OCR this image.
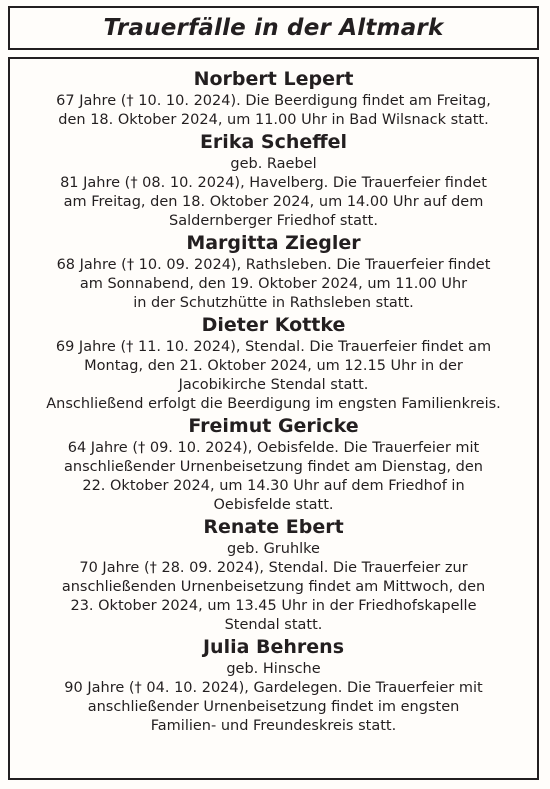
Trauerfälle in der Altmark
Norbert Lepert
67 Jahre († 10. 10. 2024). Die Beerdigung findet am Freitag,
den 18. Oktober 2024, um 11.00 Uhr in Bad Wilsnack statt.
Erika Scheffel
geb. Raebel
81 Jahre († 08. 10. 2024), Havelberg. Die Trauerfeier findet
am Freitag, den 18. Oktober 2024, um 14.00 Uhr auf dem
Saldernberger Friedhof statt.
Margitta Ziegler
68 Jahre († 10. 09. 2024), Rathsleben. Die Trauerfeier findet
am Sonnabend, den 19. Oktober 2024, um 11.00 Uhr
in der Schutzhütte in Rathsleben statt.
Dieter Kottke
69 Jahre († 11. 10. 2024), Stendal. Die Trauerfeier findet am
Montag, den 21. Oktober 2024, um 12.15 Uhr in der
Jacobikirche Stendal statt.
Anschließend erfolgt die Beerdigung im engsten Familienkreis.
Freimut Gericke
64 Jahre († 09. 10. 2024), Oebisfelde. Die Trauerfeier mit
anschließender Urnenbeisetzung findet am Dienstag, den
22. Oktober 2024, um 14.30 Uhr auf dem Friedhof in
Oebisfelde statt.
Renate Ebert
geb. Gruhlke
70 Jahre († 28. 09. 2024), Stendal. Die Trauerfeier zur
anschließenden Urnenbeisetzung findet am Mittwoch, den
23. Oktober 2024, um 13.45 Uhr in der Friedhofskapelle
Stendal statt.
Julia Behrens
geb. Hinsche
90 Jahre († 04. 10. 2024), Gardelegen. Die Trauerfeier mit
anschließender Urnenbeisetzung findet im engsten
Familien- und Freundeskreis statt.
